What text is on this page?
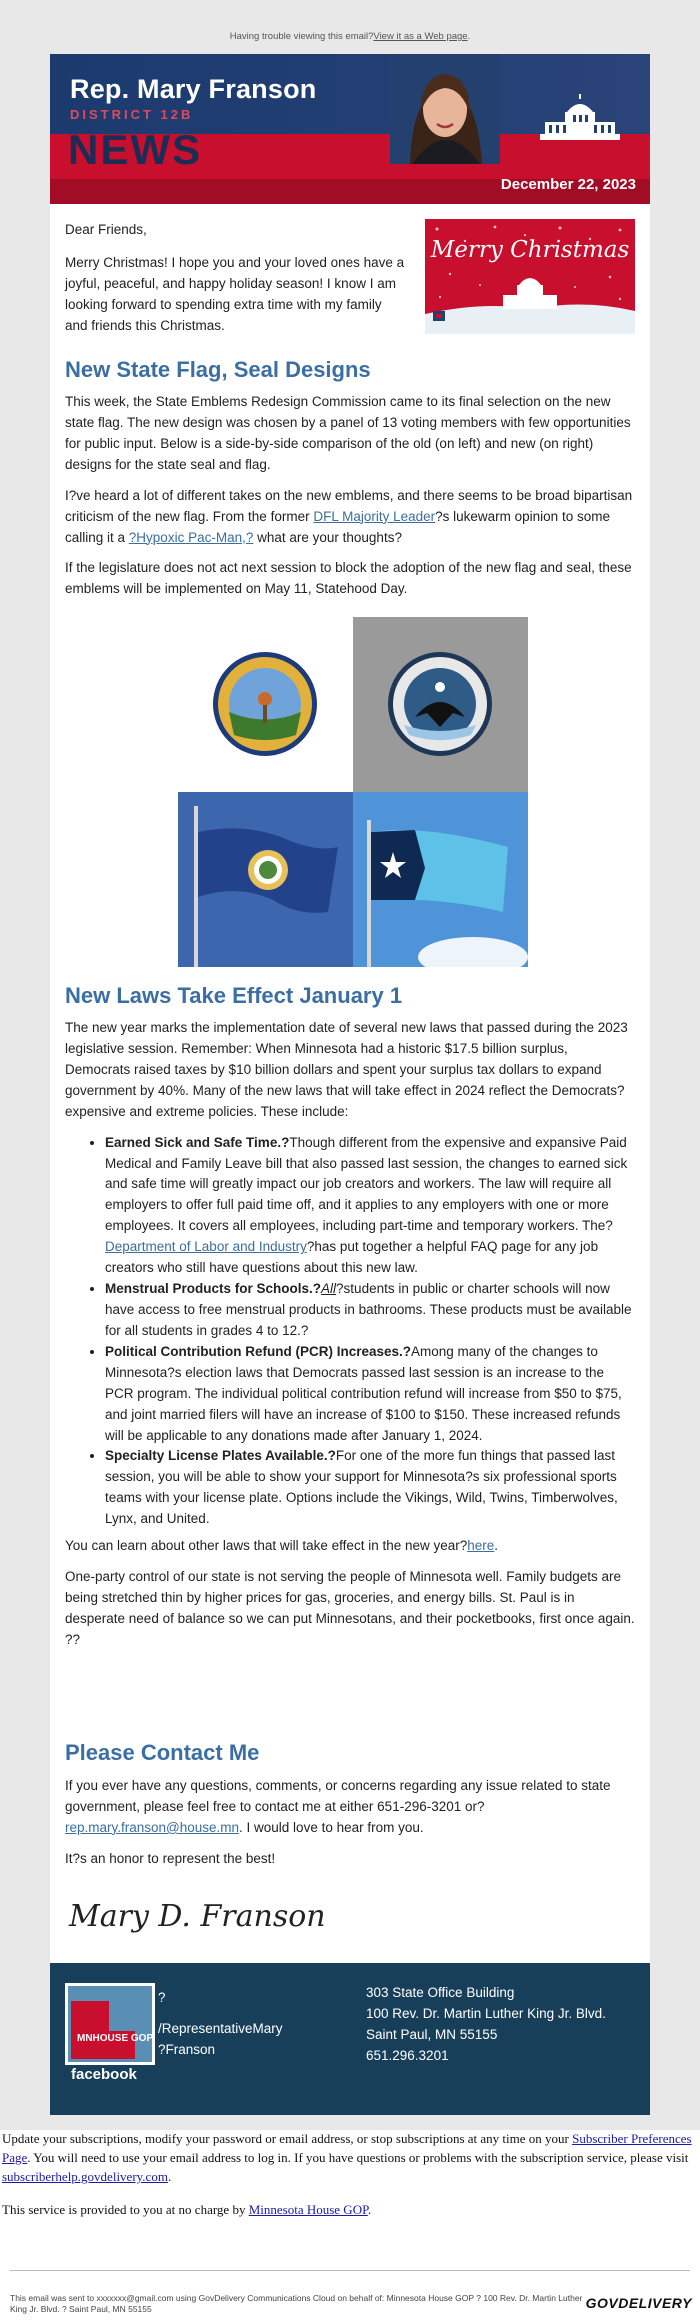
Having trouble viewing this email?View it as a Web page.
Rep. Mary Franson
DISTRICT 12B
NEWS
December 22, 2023

Dear Friends,

Merry Christmas! I hope you and your loved ones have a joyful, peaceful, and happy holiday season! I know I am looking forward to spending extra time with my family and friends this Christmas.

Merry Christmas
New State Flag, Seal Designs

This week, the State Emblems Redesign Commission came to its final selection on the new state flag. The new design was chosen by a panel of 13 voting members with few opportunities for public input. Below is a side-by-side comparison of the old (on left) and new (on right) designs for the state seal and flag.

I?ve heard a lot of different takes on the new emblems, and there seems to be broad bipartisan criticism of the new flag. From the former DFL Majority Leader?s lukewarm opinion to some calling it a ?Hypoxic Pac-Man,? what are your thoughts?

If the legislature does not act next session to block the adoption of the new flag and seal, these emblems will be implemented on May 11, Statehood Day.

New Laws Take Effect January 1

The new year marks the implementation date of several new laws that passed during the 2023 legislative session. Remember: When Minnesota had a historic $17.5 billion surplus, Democrats raised taxes by $10 billion dollars and spent your surplus tax dollars to expand government by 40%. Many of the new laws that will take effect in 2024 reflect the Democrats? expensive and extreme policies. These include:

• Earned Sick and Safe Time.?Though different from the expensive and expansive Paid Medical and Family Leave bill that also passed last session, the changes to earned sick and safe time will greatly impact our job creators and workers. The law will require all employers to offer full paid time off, and it applies to any employers with one or more employees. It covers all employees, including part-time and temporary workers. The?Department of Labor and Industry?has put together a helpful FAQ page for any job creators who still have questions about this new law.
• Menstrual Products for Schools.?All?students in public or charter schools will now have access to free menstrual products in bathrooms. These products must be available for all students in grades 4 to 12.?
• Political Contribution Refund (PCR) Increases.?Among many of the changes to Minnesota?s election laws that Democrats passed last session is an increase to the PCR program. The individual political contribution refund will increase from $50 to $75, and joint married filers will have an increase of $100 to $150. These increased refunds will be applicable to any donations made after January 1, 2024.
• Specialty License Plates Available.?For one of the more fun things that passed last session, you will be able to show your support for Minnesota?s six professional sports teams with your license plate. Options include the Vikings, Wild, Twins, Timberwolves, Lynx, and United.

You can learn about other laws that will take effect in the new year?here.

One-party control of our state is not serving the people of Minnesota well. Family budgets are being stretched thin by higher prices for gas, groceries, and energy bills. St. Paul is in desperate need of balance so we can put Minnesotans, and their pocketbooks, first once again. ??

Please Contact Me

If you ever have any questions, comments, or concerns regarding any issue related to state government, please feel free to contact me at either 651-296-3201 or?rep.mary.franson@house.mn. I would love to hear from you.

It?s an honor to represent the best!

Mary D. Franson
MNHOUSE GOP
facebook
?
/RepresentativeMary
?Franson
303 State Office Building
100 Rev. Dr. Martin Luther King Jr. Blvd.
Saint Paul, MN 55155
651.296.3201

Update your subscriptions, modify your password or email address, or stop subscriptions at any time on your Subscriber Preferences Page. You will need to use your email address to log in. If you have questions or problems with the subscription service, please visit subscriberhelp.govdelivery.com.

This service is provided to you at no charge by Minnesota House GOP.

This email was sent to xxxxxxx@gmail.com using GovDelivery Communications Cloud on behalf of: Minnesota House GOP ? 100 Rev. Dr. Martin Luther King Jr. Blvd. ? Saint Paul, MN 55155	GOVDELIVERY
